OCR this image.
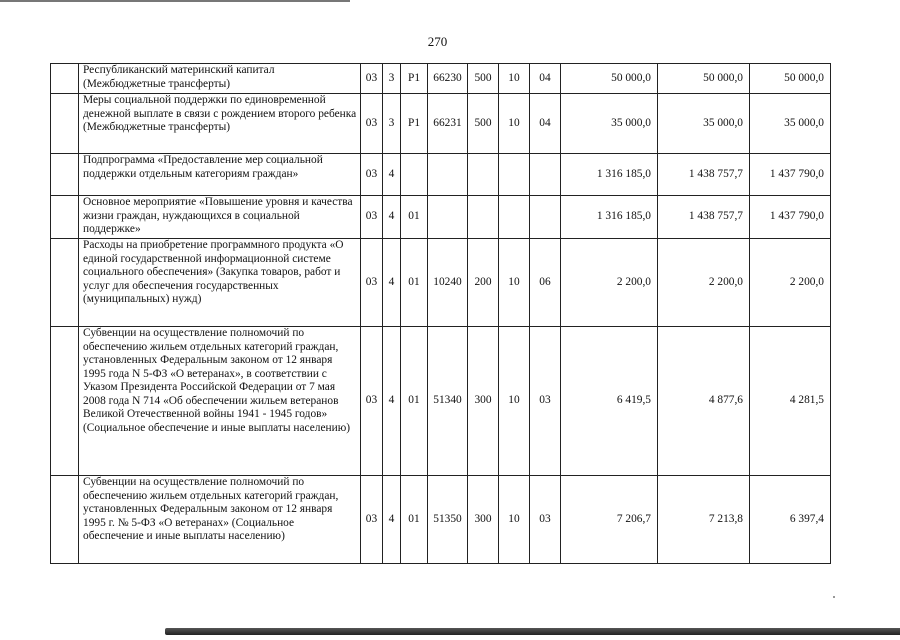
270
	Республиканский материнский капитал (Межбюджетные трансферты)	03	3	Р1	66230	500	10	04	50 000,0	50 000,0	50 000,0
	Меры социальной поддержки по единовременной денежной выплате в связи с рождением второго ребенка (Межбюджетные трансферты)	03	3	Р1	66231	500	10	04	35 000,0	35 000,0	35 000,0
	Подпрограмма «Предоставление мер социальной поддержки отдельным категориям граждан»	03	4						1 316 185,0	1 438 757,7	1 437 790,0
	Основное мероприятие «Повышение уровня и качества жизни граждан, нуждающихся в социальной поддержке»	03	4	01					1 316 185,0	1 438 757,7	1 437 790,0
	Расходы на приобретение программного продукта «О единой государственной информационной системе социального обеспечения» (Закупка товаров, работ и услуг для обеспечения государственных (муниципальных) нужд)	03	4	01	10240	200	10	06	2 200,0	2 200,0	2 200,0
	Субвенции на осуществление полномочий по обеспечению жильем отдельных категорий граждан, установленных Федеральным законом от 12 января 1995 года N 5-ФЗ «О ветеранах», в соответствии с Указом Президента Российской Федерации от 7 мая 2008 года N 714 «Об обеспечении жильем ветеранов Великой Отечественной войны 1941 - 1945 годов» (Социальное обеспечение и иные выплаты населению)	03	4	01	51340	300	10	03	6 419,5	4 877,6	4 281,5
	Субвенции на осуществление полномочий по обеспечению жильем отдельных категорий граждан, установленных Федеральным законом от 12 января 1995 г. № 5-ФЗ «О ветеранах» (Социальное обеспечение и иные выплаты населению)	03	4	01	51350	300	10	03	7 206,7	7 213,8	6 397,4
